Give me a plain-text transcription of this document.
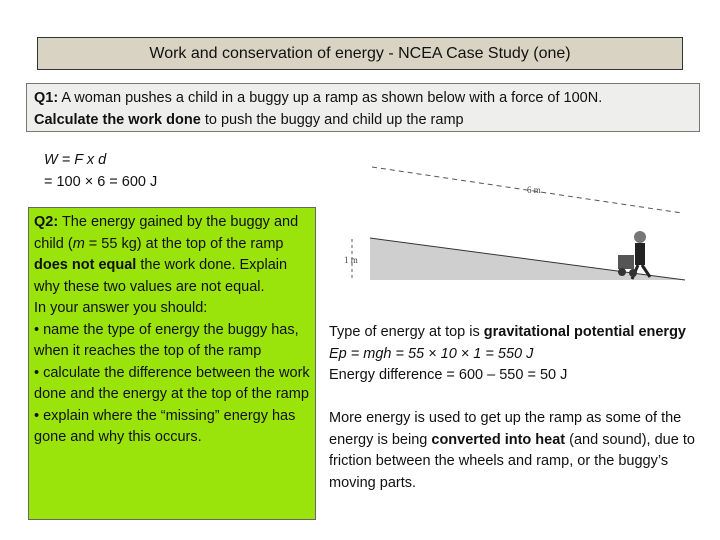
Work and conservation of energy - NCEA Case Study (one)
Q1: A woman pushes a child in a buggy up a ramp as shown below with a force of 100N.
Calculate the work done to push the buggy and child up the ramp

W = F x d

= 100 × 6 = 600 J	6 m
1 m

Q2: The energy gained by the buggy and child (m = 55 kg) at the top of the ramp does not equal the work done. Explain why these two values are not equal.

In your answer you should:

• name the type of energy the buggy has, when it reaches the top of the ramp

• calculate the difference between the work done and the energy at the top of the ramp

• explain where the “missing” energy has gone and why this occurs.

Type of energy at top is gravitational potential energy

Ep = mgh = 55 × 10 × 1 = 550 J

Energy difference = 600 – 550 = 50 J

More energy is used to get up the ramp as some of the energy is being converted into heat (and sound), due to friction between the wheels and ramp, or the buggy’s moving parts.
